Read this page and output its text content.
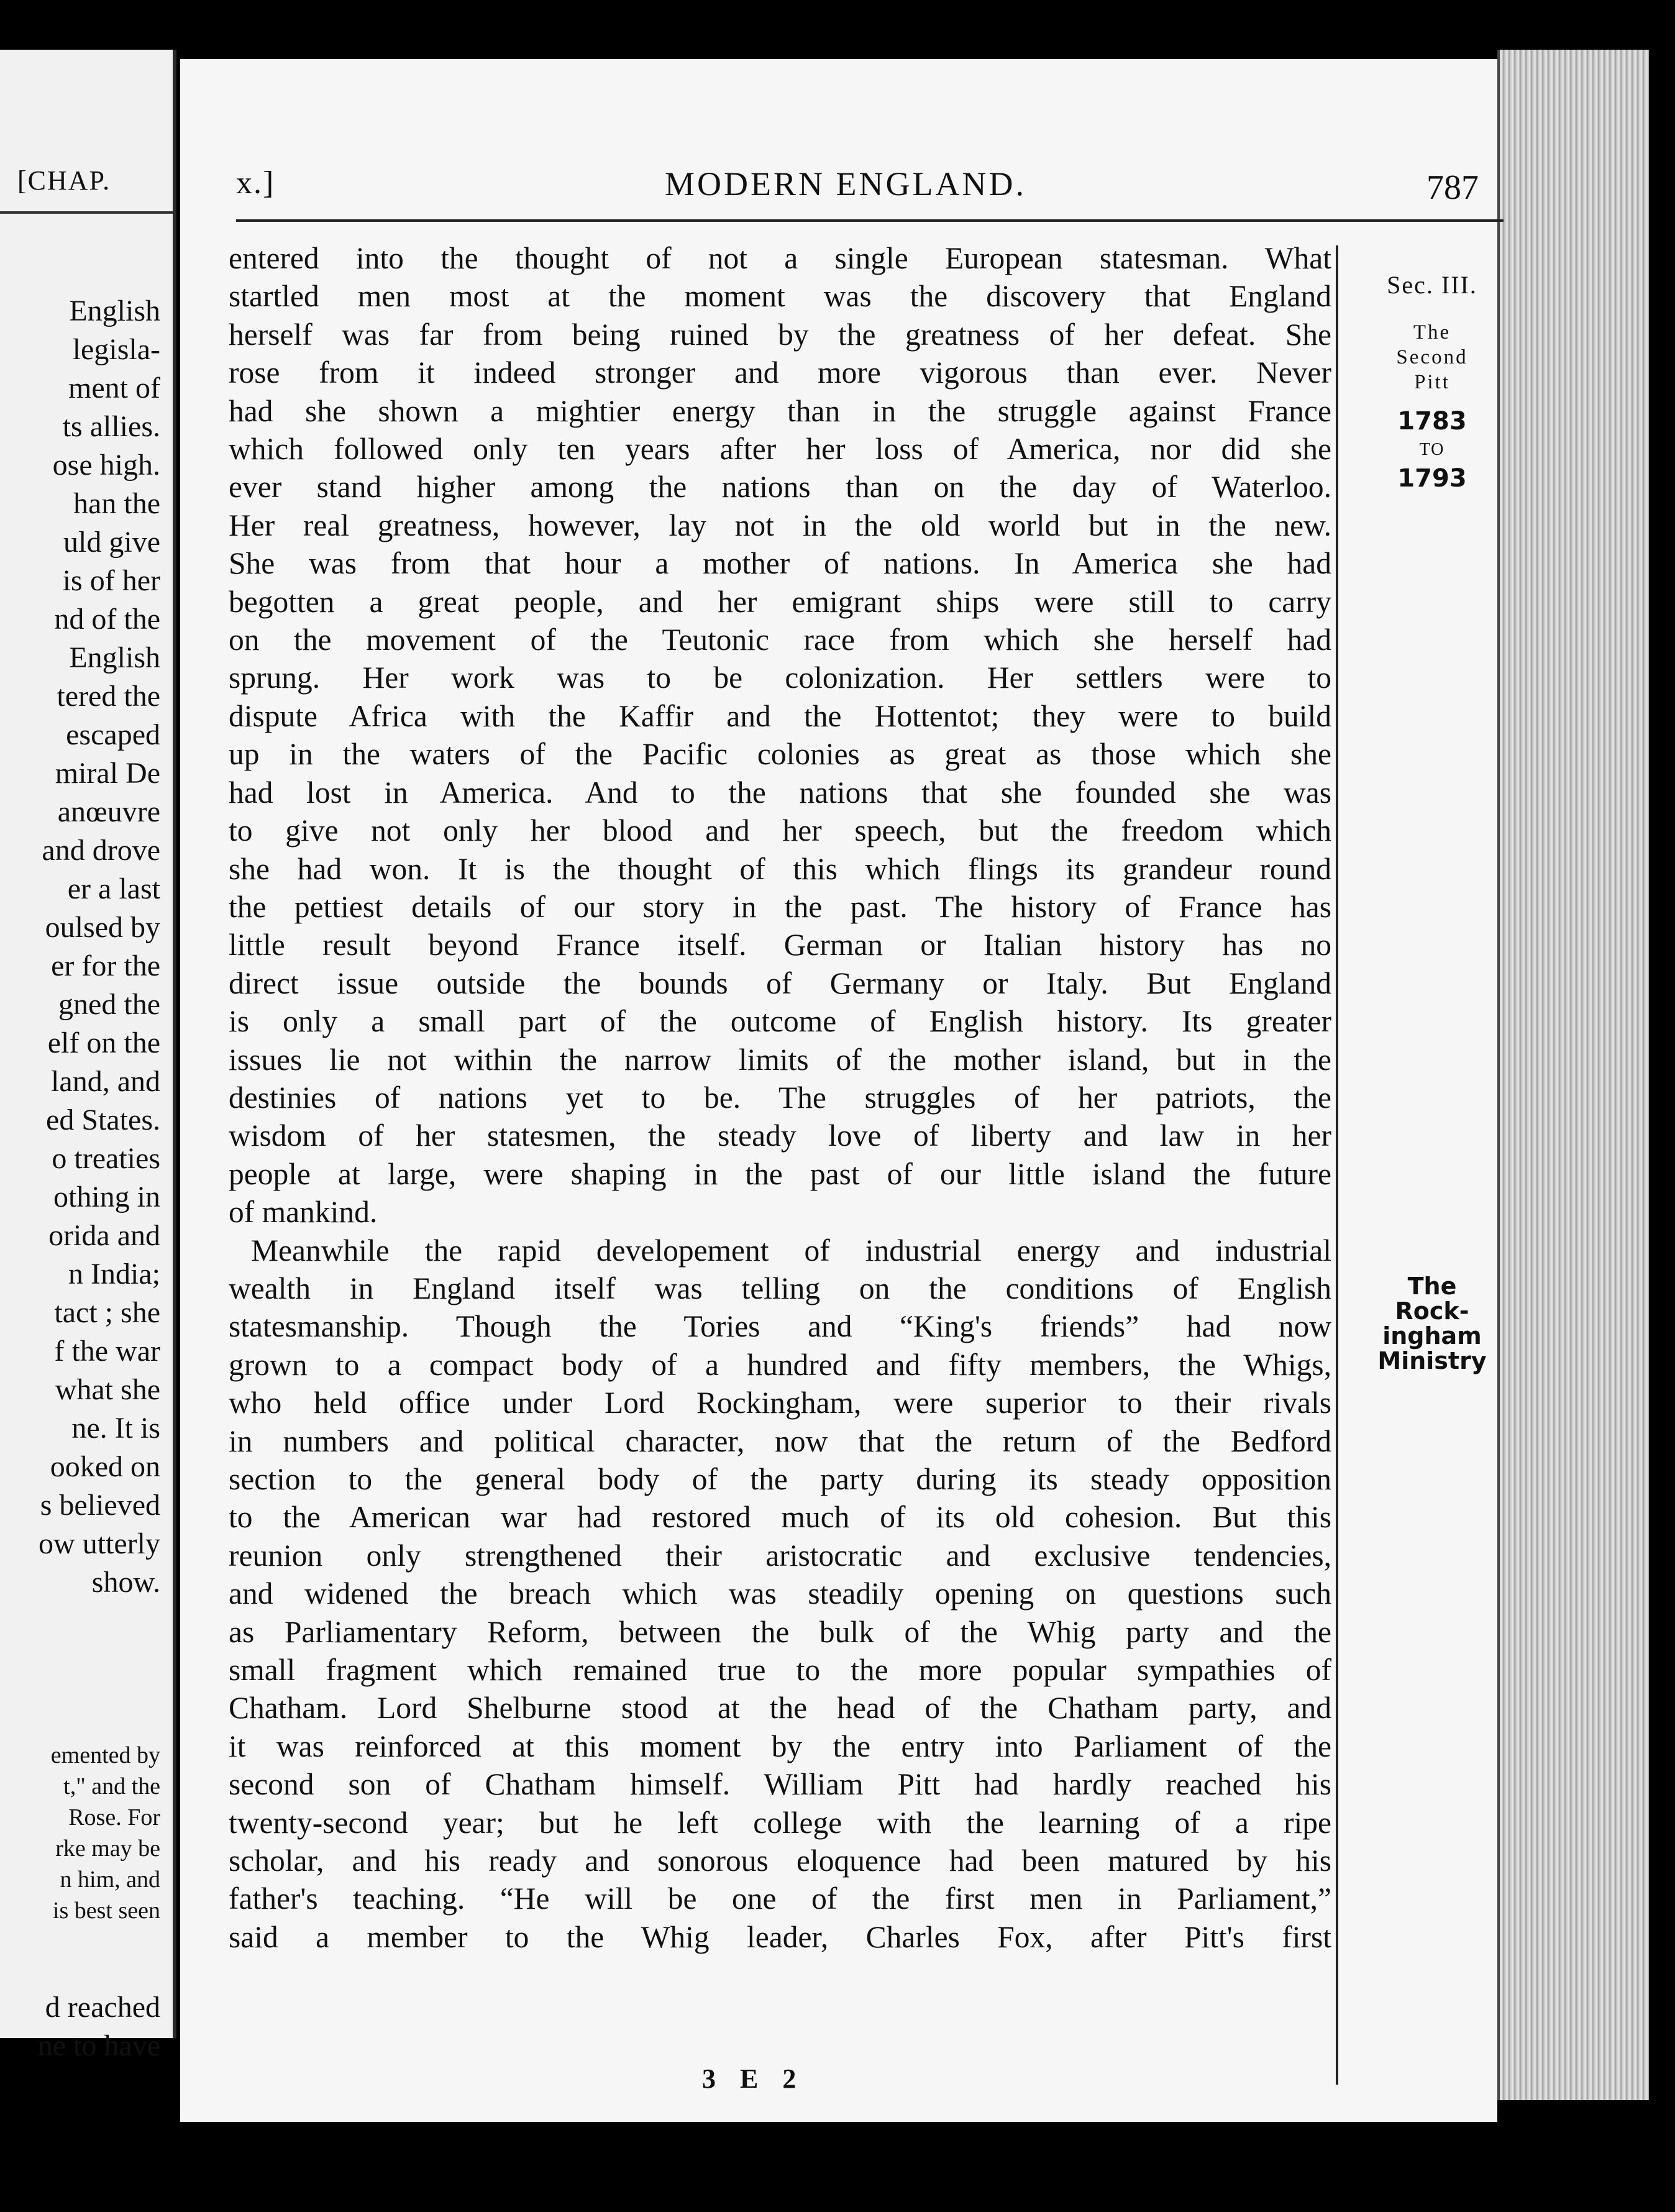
[CHAP.
English
legisla-
ment of
ts allies.
ose high.
han the
uld give
is of her
nd of the
English
tered the
escaped
miral De
anœuvre
and drove
er a last
oulsed by
er for the
gned the
elf on the
land, and
ed States.
o treaties
othing in
orida and
n India;
tact ; she
f the war
what she
ne. It is
ooked on
s believed
ow utterly
show.
emented by
t," and the
Rose. For
rke may be
n him, and
is best seen
d reached
ne to have
x.]	MODERN ENGLAND.	787

entered into the thought of not a single European statesman. What
startled men most at the moment was the discovery that England
herself was far from being ruined by the greatness of her defeat. She
rose from it indeed stronger and more vigorous than ever. Never
had she shown a mightier energy than in the struggle against France
which followed only ten years after her loss of America, nor did she
ever stand higher among the nations than on the day of Waterloo.
Her real greatness, however, lay not in the old world but in the new.
She was from that hour a mother of nations. In America she had
begotten a great people, and her emigrant ships were still to carry
on the movement of the Teutonic race from which she herself had
sprung. Her work was to be colonization. Her settlers were to
dispute Africa with the Kaffir and the Hottentot; they were to build
up in the waters of the Pacific colonies as great as those which she
had lost in America. And to the nations that she founded she was
to give not only her blood and her speech, but the freedom which
she had won. It is the thought of this which flings its grandeur round
the pettiest details of our story in the past. The history of France has
little result beyond France itself. German or Italian history has no
direct issue outside the bounds of Germany or Italy. But England
is only a small part of the outcome of English history. Its greater
issues lie not within the narrow limits of the mother island, but in the
destinies of nations yet to be. The struggles of her patriots, the
wisdom of her statesmen, the steady love of liberty and law in her
people at large, were shaping in the past of our little island the future
of mankind.

Meanwhile the rapid developement of industrial energy and industrial
wealth in England itself was telling on the conditions of English
statesmanship. Though the Tories and “King's friends” had now
grown to a compact body of a hundred and fifty members, the Whigs,
who held office under Lord Rockingham, were superior to their rivals
in numbers and political character, now that the return of the Bedford
section to the general body of the party during its steady opposition
to the American war had restored much of its old cohesion. But this
reunion only strengthened their aristocratic and exclusive tendencies,
and widened the breach which was steadily opening on questions such
as Parliamentary Reform, between the bulk of the Whig party and the
small fragment which remained true to the more popular sympathies of
Chatham. Lord Shelburne stood at the head of the Chatham party, and
it was reinforced at this moment by the entry into Parliament of the
second son of Chatham himself. William Pitt had hardly reached his
twenty-second year; but he left college with the learning of a ripe
scholar, and his ready and sonorous eloquence had been matured by his
father's teaching. “He will be one of the first men in Parliament,”
said a member to the Whig leader, Charles Fox, after Pitt's first

Sec. III.
The
Second
Pitt
1783
TO
1793
The
Rock-
ingham
Ministry
3 E 2
